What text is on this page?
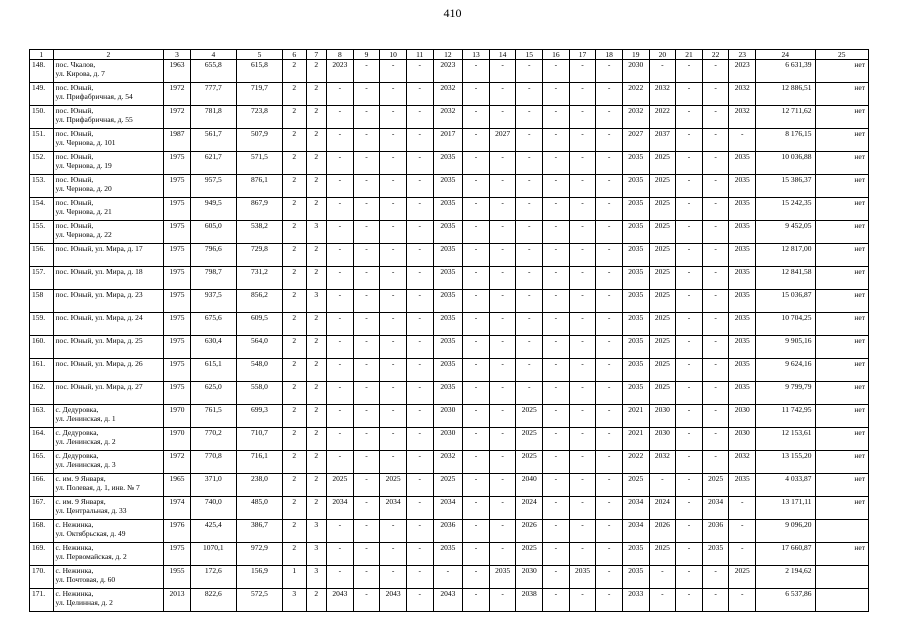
410
1	2	3	4	5	6	7	8	9	10	11	12	13	14	15	16	17	18	19	20	21	22	23	24	25
148.	пос. Чкалов,
ул. Кирова, д. 7	1963	655,8	615,8	2	2	2023	-	-	-	2023	-	-	-	-	-	-	2030	-	-	-	2023	6 631,39	нет
149.	пос. Юный,
ул. Прифабричная, д. 54	1972	777,7	719,7	2	2	-	-	-	-	2032	-	-	-	-	-	-	2022	2032	-	-	2032	12 886,51	нет
150.	пос. Юный,
ул. Прифабричная, д. 55	1972	781,8	723,8	2	2	-	-	-	-	2032	-	-	-	-	-	-	2032	2022	-	-	2032	12 711,62	нет
151.	пос. Юный,
ул. Чернова, д. 101	1987	561,7	507,9	2	2	-	-	-	-	2017	-	2027	-	-	-	-	2027	2037	-	-	-	8 176,15	нет
152.	пос. Юный,
ул. Чернова, д. 19	1975	621,7	571,5	2	2	-	-	-	-	2035	-	-	-	-	-	-	2035	2025	-	-	2035	10 036,88	нет
153.	пос. Юный,
ул. Чернова, д. 20	1975	957,5	876,1	2	2	-	-	-	-	2035	-	-	-	-	-	-	2035	2025	-	-	2035	15 386,37	нет
154.	пос. Юный,
ул. Чернова, д. 21	1975	949,5	867,9	2	2	-	-	-	-	2035	-	-	-	-	-	-	2035	2025	-	-	2035	15 242,35	нет
155.	пос. Юный,
ул. Чернова, д. 22	1975	605,0	538,2	2	3	-	-	-	-	2035	-	-	-	-	-	-	2035	2025	-	-	2035	9 452,05	нет
156.	пос. Юный, ул. Мира, д. 17	1975	796,6	729,8	2	2	-	-	-	-	2035	-	-	-	-	-	-	2035	2025	-	-	2035	12 817,00	нет
157.	пос. Юный, ул. Мира, д. 18	1975	798,7	731,2	2	2	-	-	-	-	2035	-	-	-	-	-	-	2035	2025	-	-	2035	12 841,58	нет
158	пос. Юный, ул. Мира, д. 23	1975	937,5	856,2	2	3	-	-	-	-	2035	-	-	-	-	-	-	2035	2025	-	-	2035	15 036,87	нет
159.	пос. Юный, ул. Мира, д. 24	1975	675,6	609,5	2	2	-	-	-	-	2035	-	-	-	-	-	-	2035	2025	-	-	2035	10 704,25	нет
160.	пос. Юный, ул. Мира, д. 25	1975	630,4	564,0	2	2	-	-	-	-	2035	-	-	-	-	-	-	2035	2025	-	-	2035	9 905,16	нет
161.	пос. Юный, ул. Мира, д. 26	1975	615,1	548,0	2	2	-	-	-	-	2035	-	-	-	-	-	-	2035	2025	-	-	2035	9 624,16	нет
162.	пос. Юный, ул. Мира, д. 27	1975	625,0	558,0	2	2	-	-	-	-	2035	-	-	-	-	-	-	2035	2025	-	-	2035	9 799,79	нет
163.	с. Дедуровка,
ул. Ленинская, д. 1	1970	761,5	699,3	2	2	-	-	-	-	2030	-	-	2025	-	-	-	2021	2030	-	-	2030	11 742,95	нет
164.	с. Дедуровка,
ул. Ленинская, д. 2	1970	770,2	710,7	2	2	-	-	-	-	2030	-	-	2025	-	-	-	2021	2030	-	-	2030	12 153,61	нет
165.	с. Дедуровка,
ул. Ленинская, д. 3	1972	770,8	716,1	2	2	-	-	-	-	2032	-	-	2025	-	-	-	2022	2032	-	-	2032	13 155,20	нет
166.	с. им. 9 Января,
ул. Полевая, д. 1, инв. № 7	1965	371,0	238,0	2	2	2025	-	2025	-	2025	-	-	2040	-	-	-	2025	-	-	2025	2035	4 033,87	нет
167.	с. им. 9 Января,
ул. Центральная, д. 33	1974	740,0	485,0	2	2	2034	-	2034	-	2034	-	-	2024	-	-	-	2034	2024	-	2034	-	13 171,11	нет
168.	с. Нежинка,
ул. Октябрьская, д. 49	1976	425,4	386,7	2	3	-	-	-	-	2036	-	-	2026	-	-	-	2034	2026	-	2036	-	9 096,20	
169.	с. Нежинка,
ул. Первомайская, д. 2	1975	1070,1	972,9	2	3	-	-	-	-	2035	-	-	2025	-	-	-	2035	2025	-	2035	-	17 660,87	нет
170.	с. Нежинка,
ул. Почтовая, д. 60	1955	172,6	156,9	1	3	-	-	-	-	-	-	2035	2030	-	2035	-	2035	-	-	-	2025	2 194,62	
171.	с. Нежинка,
ул. Целинная, д. 2	2013	822,6	572,5	3	2	2043	-	2043	-	2043	-	-	2038	-	-	-	2033	-	-	-	-	6 537,86	
